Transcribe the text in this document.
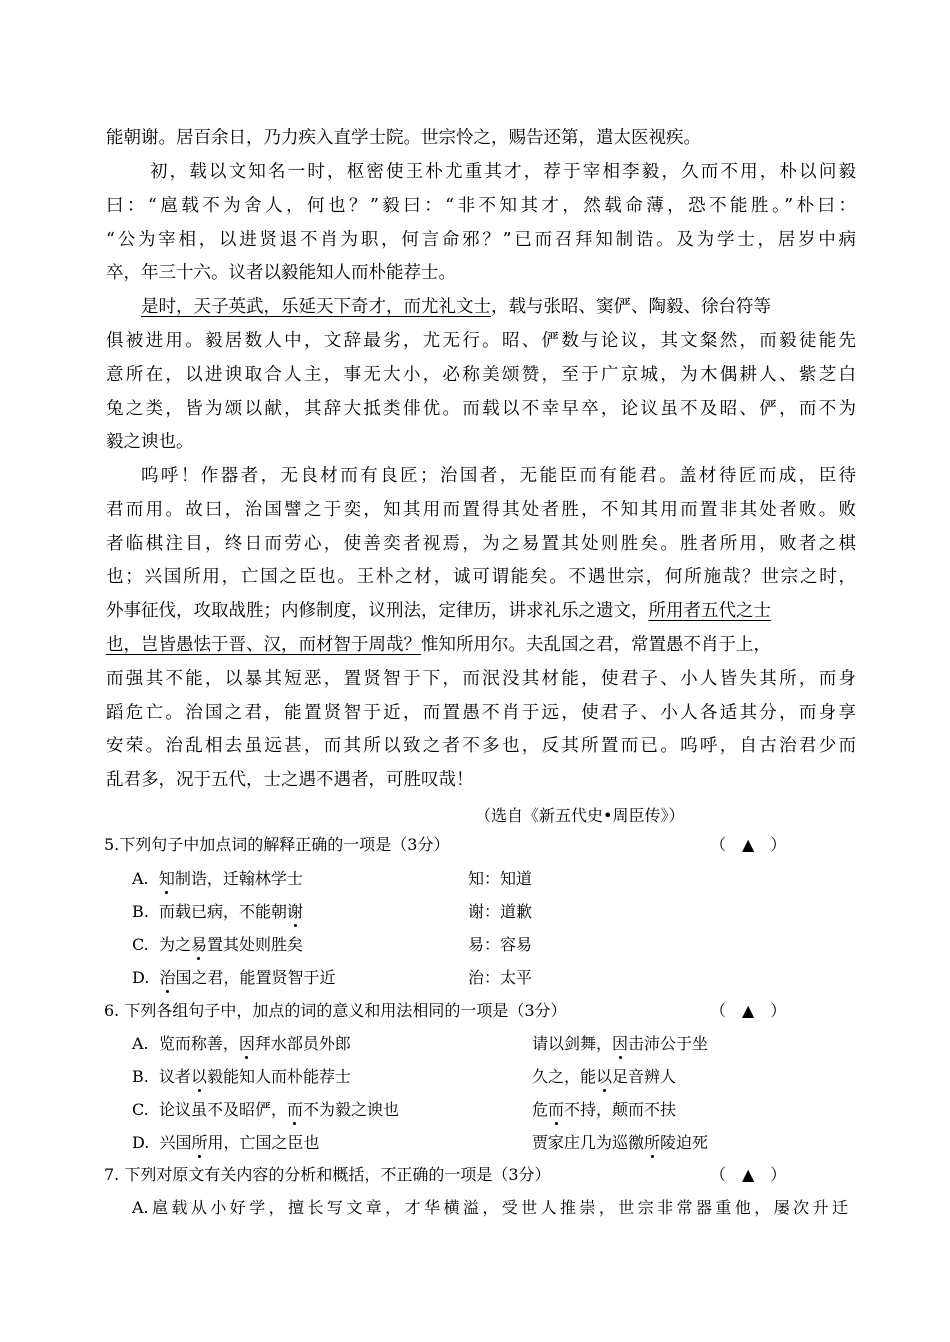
能朝谢。居百余日，乃力疾入直学士院。世宗怜之，赐告还第，遣太医视疾。
初，载以文知名一时，枢密使王朴尤重其才，荐于宰相李毅，久而不用，朴以问毅
曰：“扈载不为舍人，何也？”毅曰：“非不知其才，然载命薄，恐不能胜。”朴曰：
“公为宰相，以进贤退不肖为职，何言命邪？”已而召拜知制诰。及为学士，居岁中病
卒，年三十六。议者以毅能知人而朴能荐士。
是时，天子英武，乐延天下奇才，而尤礼文士，载与张昭、窦俨、陶毅、徐台符等
俱被进用。毅居数人中，文辞最劣，尤无行。昭、俨数与论议，其文粲然，而毅徒能先
意所在，以进谀取合人主，事无大小，必称美颂赞，至于广京城，为木偶耕人、紫芝白
兔之类，皆为颂以献，其辞大抵类俳优。而载以不幸早卒，论议虽不及昭、俨，而不为
毅之谀也。
呜呼！作器者，无良材而有良匠；治国者，无能臣而有能君。盖材待匠而成，臣待
君而用。故曰，治国譬之于奕，知其用而置得其处者胜，不知其用而置非其处者败。败
者临棋注目，终日而劳心，使善奕者视焉，为之易置其处则胜矣。胜者所用，败者之棋
也；兴国所用，亡国之臣也。王朴之材，诚可谓能矣。不遇世宗，何所施哉？世宗之时，
外事征伐，攻取战胜；内修制度，议刑法，定律历，讲求礼乐之遗文，所用者五代之士
也，岂皆愚怯于晋、汉，而材智于周哉？惟知所用尔。夫乱国之君，常置愚不肖于上，
而强其不能，以暴其短恶，置贤智于下，而泯没其材能，使君子、小人皆失其所，而身
蹈危亡。治国之君，能置贤智于近，而置愚不肖于远，使君子、小人各适其分，而身享
安荣。治乱相去虽远甚，而其所以致之者不多也，反其所置而已。呜呼，自古治君少而
乱君多，况于五代，士之遇不遇者，可胜叹哉！
（选自《新五代史•周臣传》）
5.下列句子中加点词的解释正确的一项是（3分）	（　▲　）
A. 知制诰，迁翰林学士	知：知道
B. 而载已病，不能朝谢	谢：道歉
C. 为之易置其处则胜矣	易：容易
D. 治国之君，能置贤智于近	治：太平
6. 下列各组句子中，加点的词的意义和用法相同的一项是（3分）	（　▲　）
A. 览而称善，因拜水部员外郎	请以剑舞，因击沛公于坐
B. 议者以毅能知人而朴能荐士	久之，能以足音辨人
C. 论议虽不及昭俨，而不为毅之谀也	危而不持，颠而不扶
D. 兴国所用，亡国之臣也	贾家庄几为巡徼所陵迫死
7. 下列对原文有关内容的分析和概括，不正确的一项是（3分）	（　▲　）
A.扈载从小好学，擅长写文章，才华横溢，受世人推崇，世宗非常器重他，屡次升迁
